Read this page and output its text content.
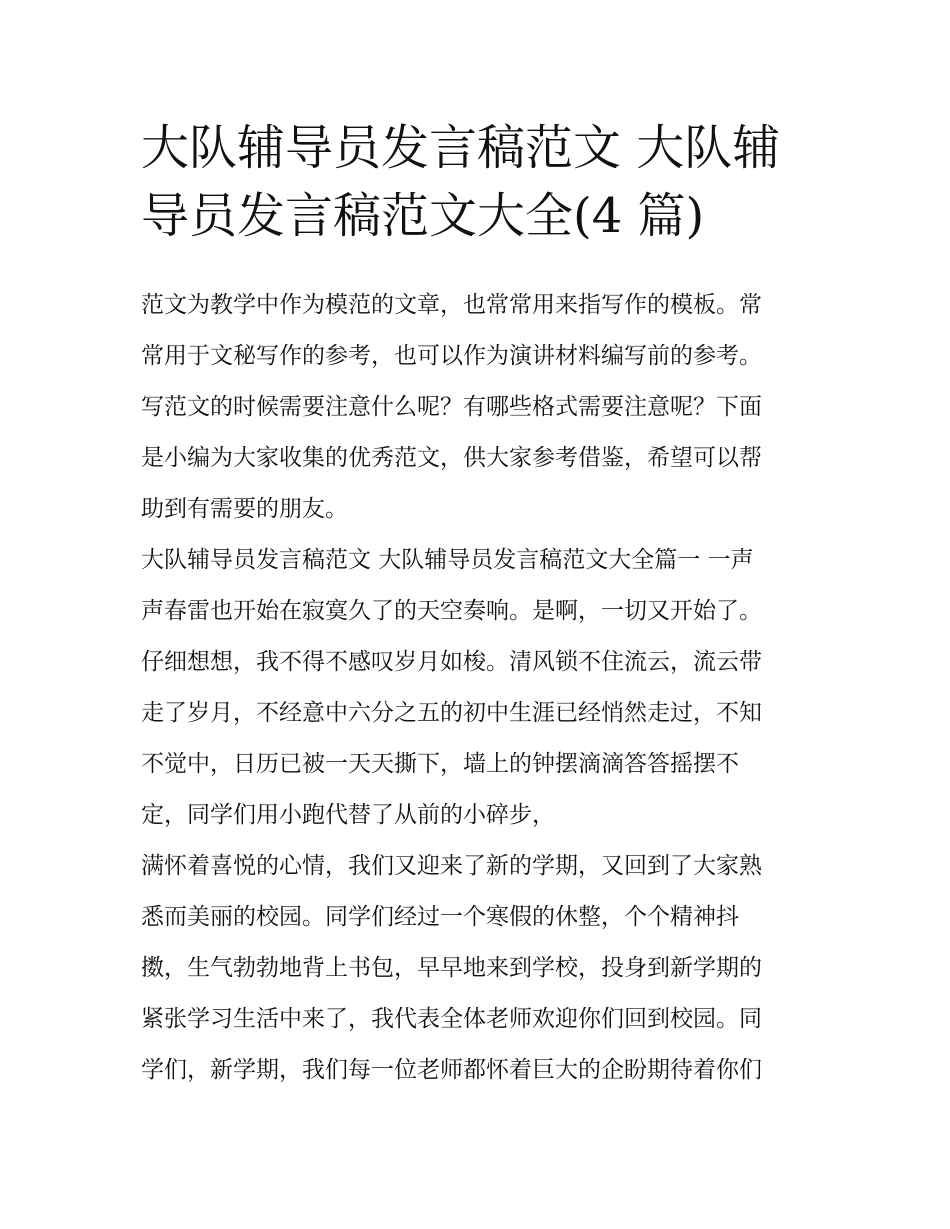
大队辅导员发言稿范文 大队辅
导员发言稿范文大全(4 篇)
范文为教学中作为模范的文章，也常常用来指写作的模板。常
常用于文秘写作的参考，也可以作为演讲材料编写前的参考。
写范文的时候需要注意什么呢？有哪些格式需要注意呢？下面
是小编为大家收集的优秀范文，供大家参考借鉴，希望可以帮
助到有需要的朋友。
大队辅导员发言稿范文 大队辅导员发言稿范文大全篇一 一声
声春雷也开始在寂寞久了的天空奏响。是啊，一切又开始了。
仔细想想，我不得不感叹岁月如梭。清风锁不住流云，流云带
走了岁月，不经意中六分之五的初中生涯已经悄然走过，不知
不觉中，日历已被一天天撕下，墙上的钟摆滴滴答答摇摆不
定，同学们用小跑代替了从前的小碎步，
满怀着喜悦的心情，我们又迎来了新的学期，又回到了大家熟
悉而美丽的校园。同学们经过一个寒假的休整，个个精神抖
擞，生气勃勃地背上书包，早早地来到学校，投身到新学期的
紧张学习生活中来了，我代表全体老师欢迎你们回到校园。同
学们，新学期，我们每一位老师都怀着巨大的企盼期待着你们
